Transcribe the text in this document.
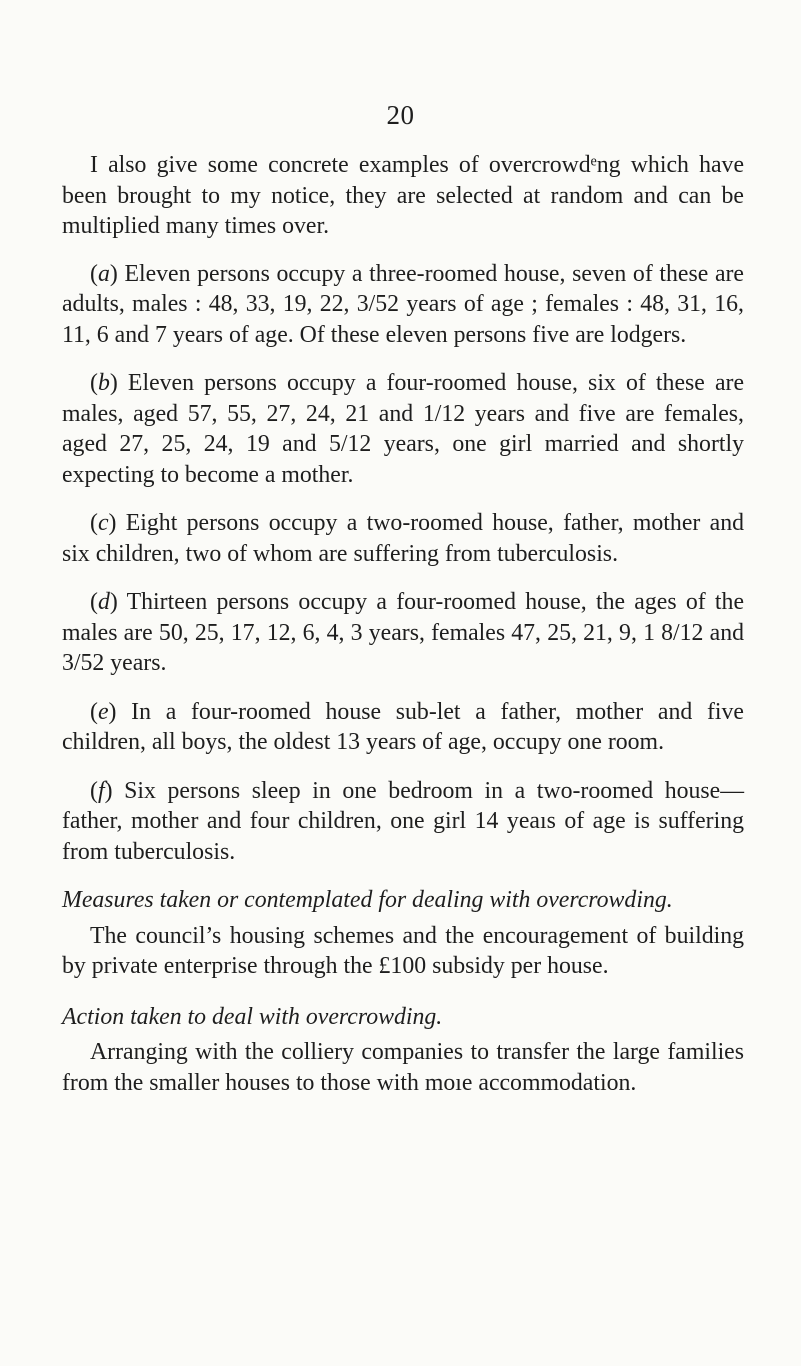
20

I also give some concrete examples of overcrowdᵉng which have been brought to my notice, they are selected at random and can be multiplied many times over.

(a) Eleven persons occupy a three-roomed house, seven of these are adults, males : 48, 33, 19, 22, 3/52 years of age ; females : 48, 31, 16, 11, 6 and 7 years of age. Of these eleven persons five are lodgers.

(b) Eleven persons occupy a four-roomed house, six of these are males, aged 57, 55, 27, 24, 21 and 1/12 years and five are females, aged 27, 25, 24, 19 and 5/12 years, one girl married and shortly expecting to become a mother.

(c) Eight persons occupy a two-roomed house, father, mother and six children, two of whom are suffering from tuberculosis.

(d) Thirteen persons occupy a four-roomed house, the ages of the males are 50, 25, 17, 12, 6, 4, 3 years, females 47, 25, 21, 9, 1 8/12 and 3/52 years.

(e) In a four-roomed house sub-let a father, mother and five children, all boys, the oldest 13 years of age, occupy one room.

(f) Six persons sleep in one bedroom in a two-roomed house—father, mother and four children, one girl 14 yeaıs of age is suffering from tuberculosis.

Measures taken or contemplated for dealing with overcrowding.

The council’s housing schemes and the encouragement of building by private enterprise through the £100 subsidy per house.

Action taken to deal with overcrowding.

Arranging with the colliery companies to transfer the large families from the smaller houses to those with moıe accommodation.
